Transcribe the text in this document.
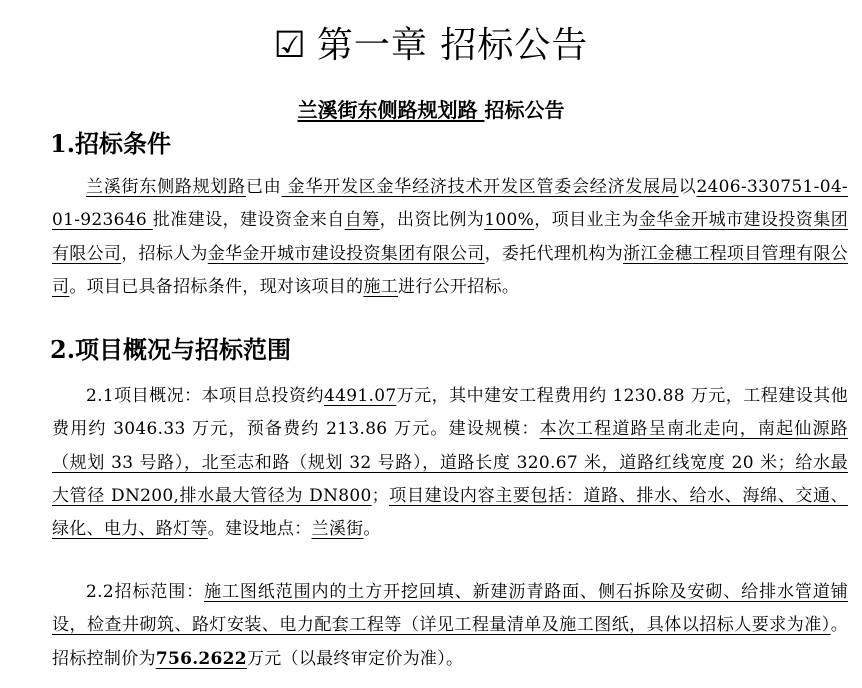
☑ 第一章 招标公告
兰溪街东侧路规划路 招标公告
1.招标条件
兰溪街东侧路规划路已由 金华开发区金华经济技术开发区管委会经济发展局以2406-330751-04-01-923646 批准建设，建设资金来自自筹，出资比例为100%，项目业主为金华金开城市建设投资集团有限公司，招标人为金华金开城市建设投资集团有限公司，委托代理机构为浙江金穗工程项目管理有限公司。项目已具备招标条件，现对该项目的施工进行公开招标。
2.项目概况与招标范围
2.1项目概况：本项目总投资约4491.07万元，其中建安工程费用约 1230.88 万元，工程建设其他费用约 3046.33 万元，预备费约 213.86 万元。建设规模：本次工程道路呈南北走向，南起仙源路（规划 33 号路），北至志和路（规划 32 号路），道路长度 320.67 米，道路红线宽度 20 米；给水最大管径 DN200,排水最大管径为 DN800；项目建设内容主要包括：道路、排水、给水、海绵、交通、绿化、电力、路灯等。建设地点：兰溪街。
2.2招标范围：施工图纸范围内的土方开挖回填、新建沥青路面、侧石拆除及安砌、给排水管道铺设，检查井砌筑、路灯安装、电力配套工程等（详见工程量清单及施工图纸，具体以招标人要求为准）。招标控制价为756.2622万元（以最终审定价为准）。
